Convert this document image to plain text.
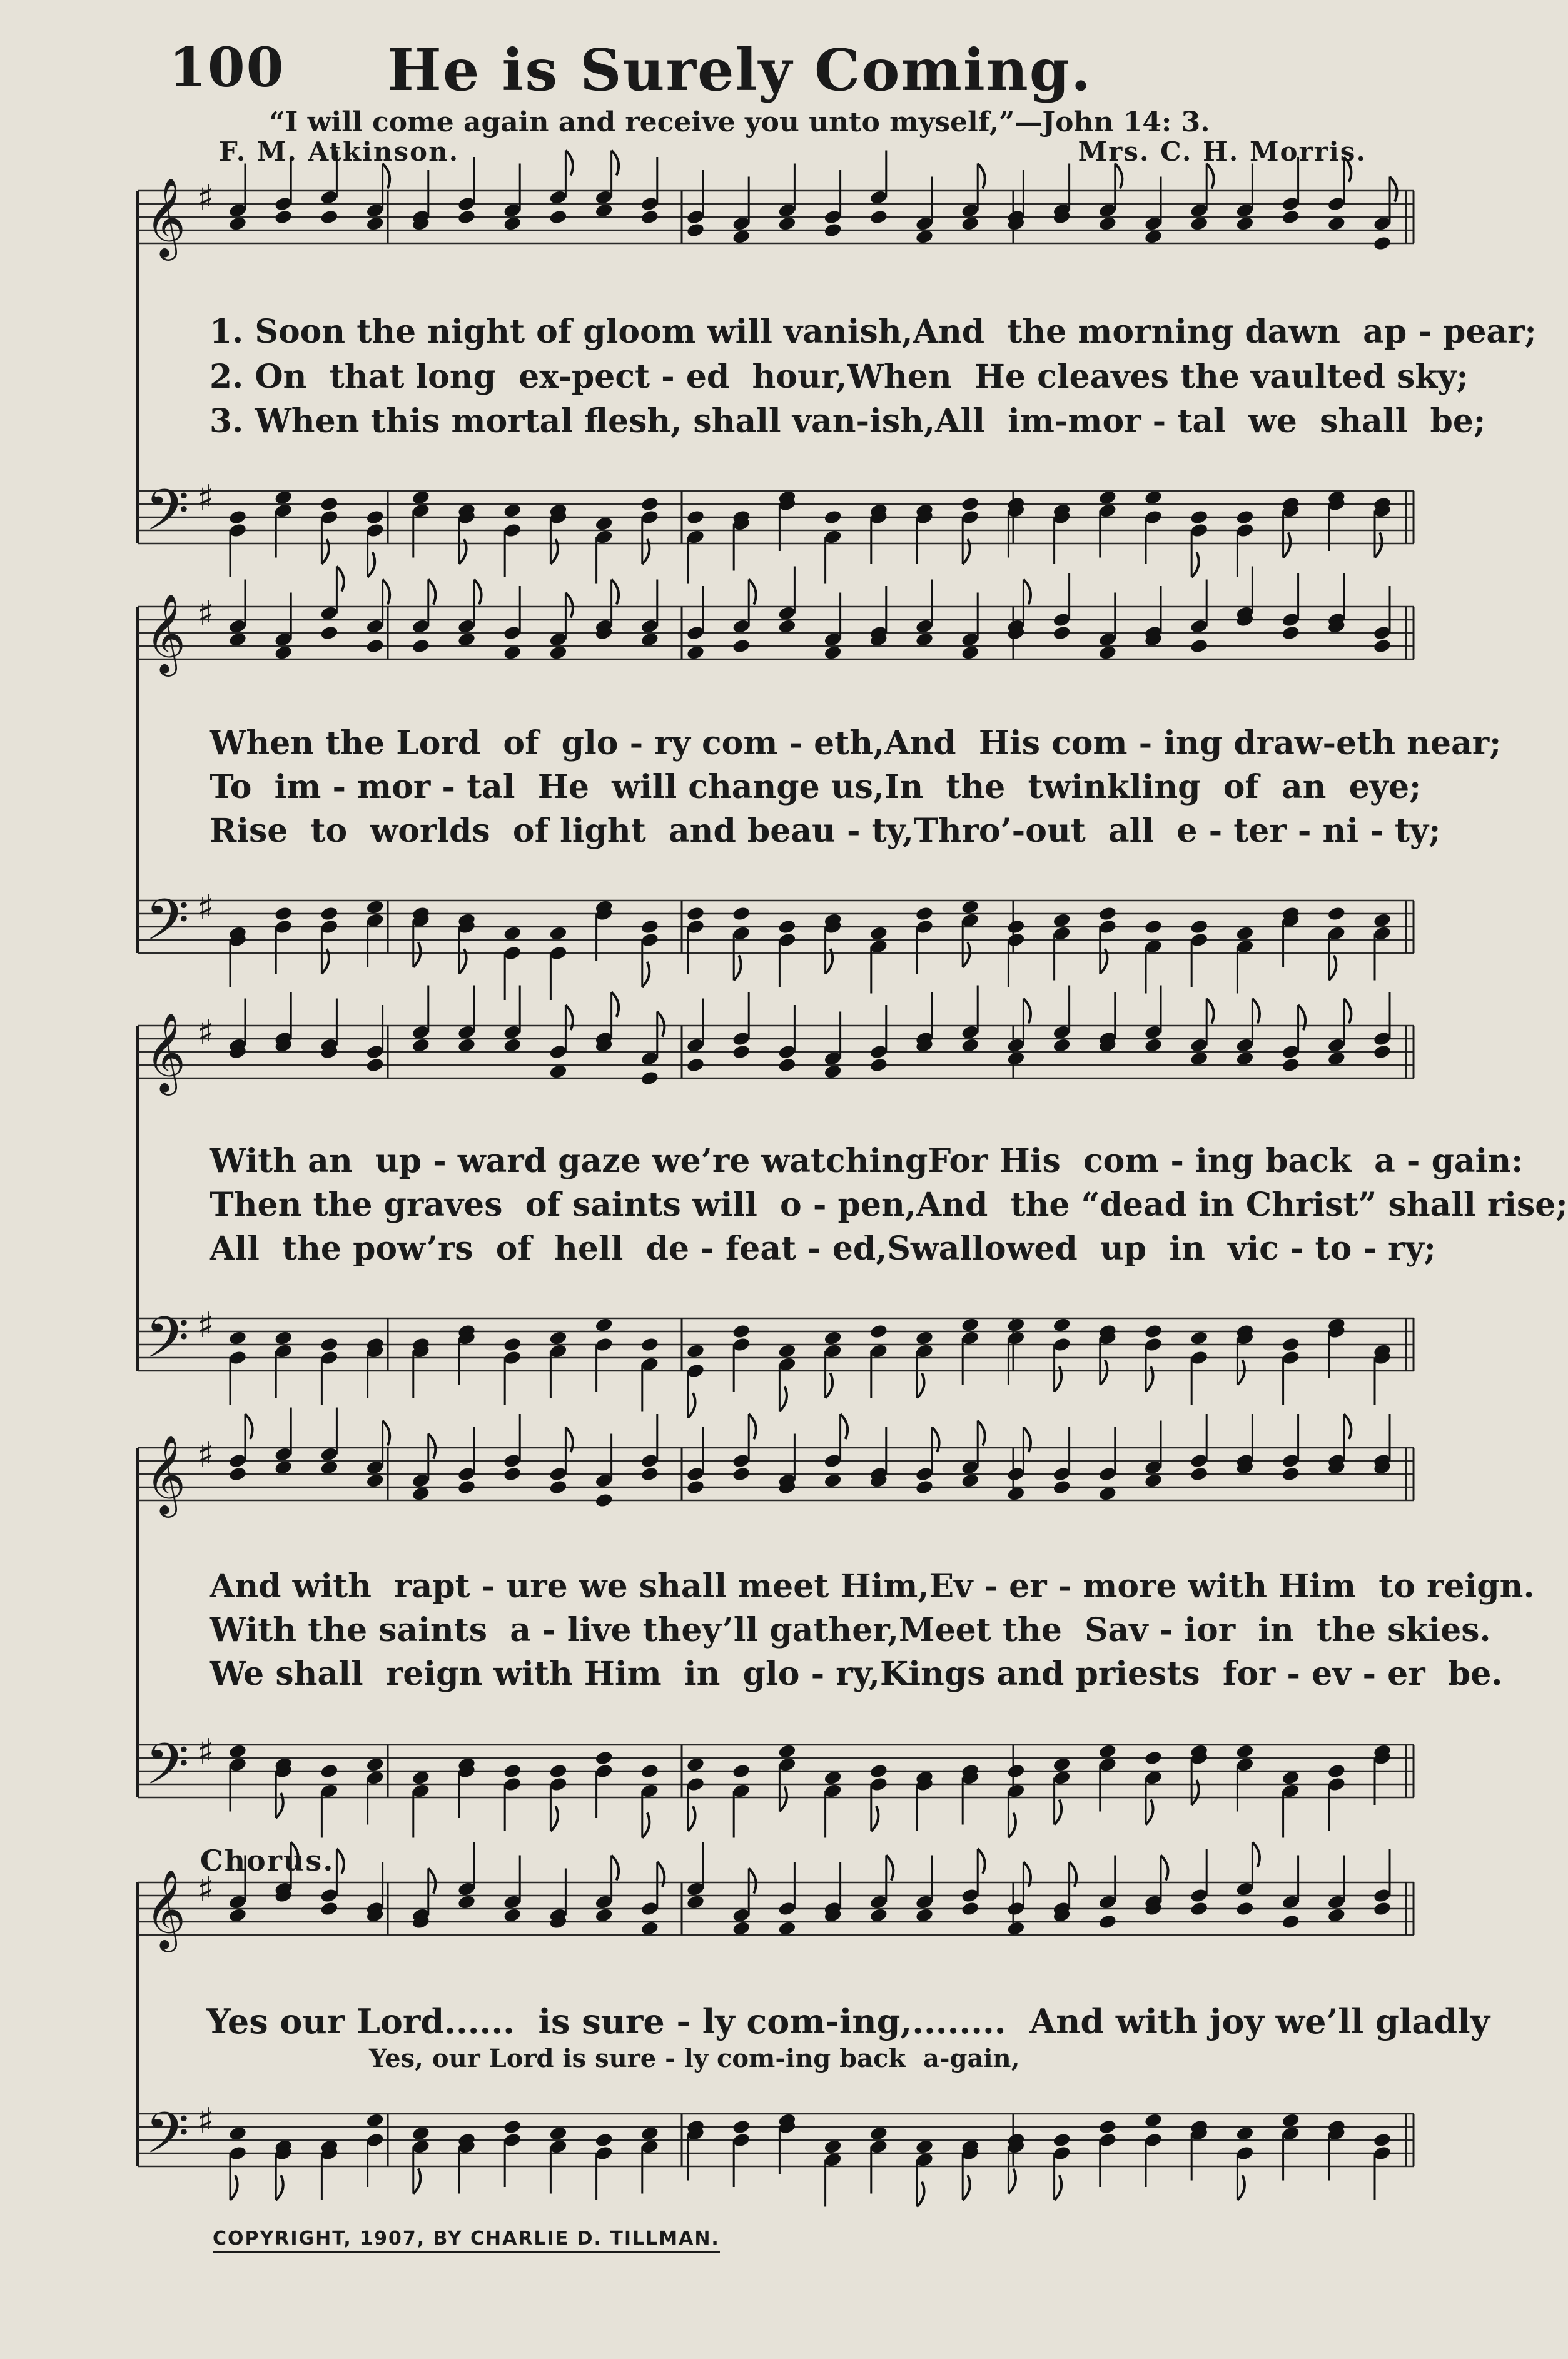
100	He is Surely Coming.
“I will come again and receive you unto myself,”—John 14: 3.
F. M. Atkinson.	Mrs. C. H. Morris.
𝄞 ♯
𝄢 ♯
𝄞 ♯
𝄢 ♯
𝄞 ♯
𝄢 ♯
𝄞 ♯
𝄢 ♯
𝄞 ♯
𝄢 ♯
1. Soon the night of gloom will vanish, And  the morning dawn  ap - pear;
2. On  that long  ex-pect - ed  hour, When  He cleaves the vaulted sky;
3. When this mortal flesh, shall van-ish, All  im-mor - tal  we  shall  be;
When the Lord  of  glo - ry com - eth, And  His com - ing draw-eth near;
To  im - mor - tal  He  will change us, In  the  twinkling  of  an  eye;
Rise  to  worlds  of light  and beau - ty, Thro’-out  all  e - ter - ni - ty;
With an  up - ward gaze we’re watching For His  com - ing back  a - gain:
Then the graves  of saints will  o - pen, And  the “dead in Christ” shall rise;
All  the pow’rs  of  hell  de - feat - ed, Swallowed  up  in  vic - to - ry;
And with  rapt - ure we shall meet Him, Ev - er - more with Him  to reign.
With the saints  a - live they’ll gather, Meet the  Sav - ior  in  the skies.
We shall  reign with Him  in  glo - ry, Kings and priests  for - ev - er  be.
Chorus.
Yes our Lord......  is sure - ly com-ing,........  And with joy we’ll gladly
Yes, our Lord is sure - ly com-ing back  a-gain,
COPYRIGHT, 1907, BY CHARLIE D. TILLMAN.
